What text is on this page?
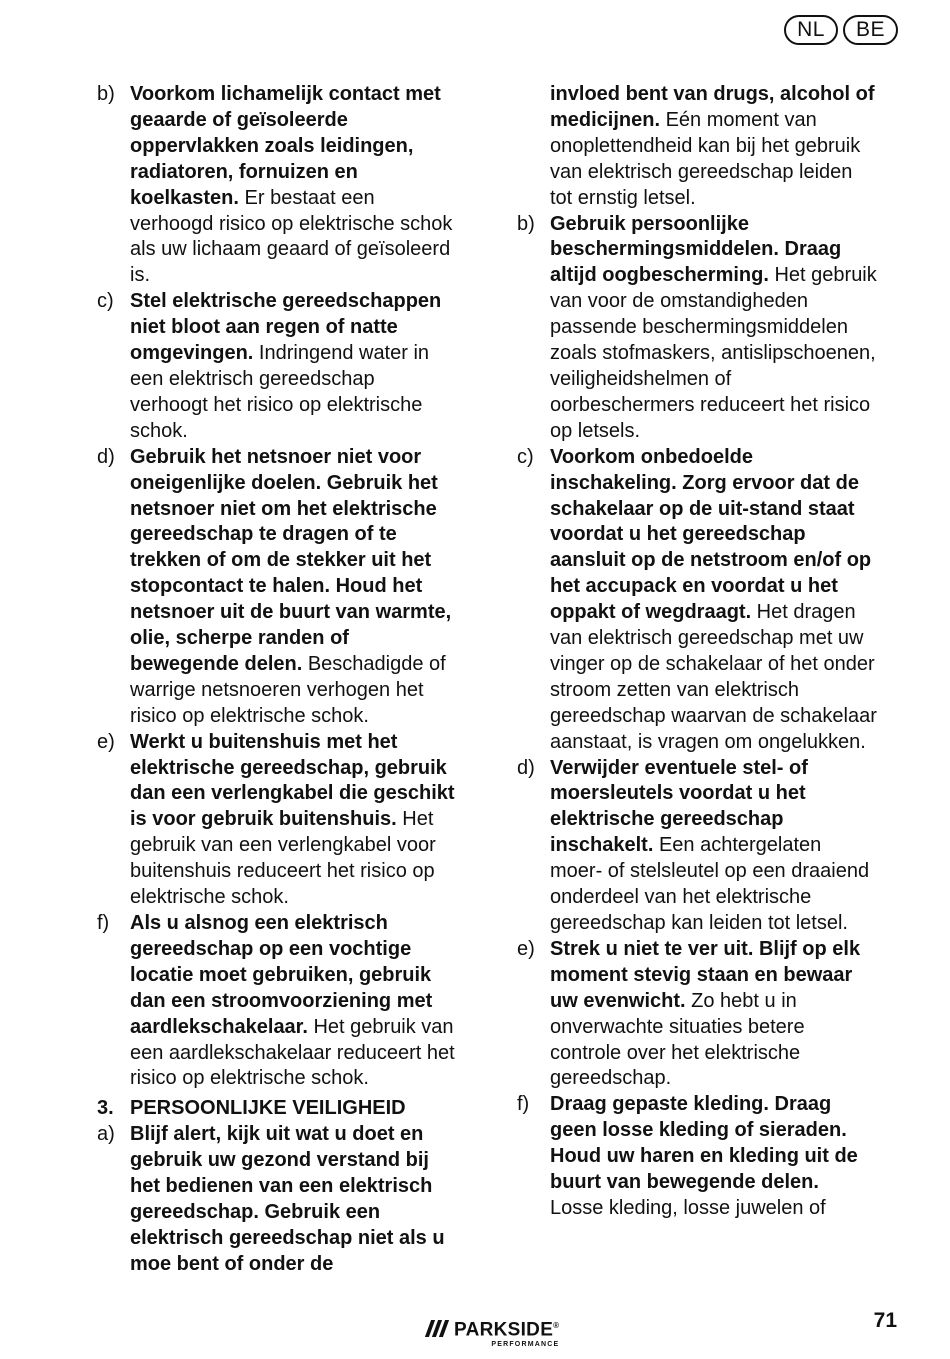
NL	BE
b) Voorkom lichamelijk contact met geaarde of geïsoleerde oppervlakken zoals leidingen, radiatoren, fornuizen en koelkasten. Er bestaat een verhoogd risico op elektrische schok als uw lichaam geaard of geïsoleerd is.
c) Stel elektrische gereedschappen niet bloot aan regen of natte omgevingen. Indringend water in een elektrisch gereedschap verhoogt het risico op elektrische schok.
d) Gebruik het netsnoer niet voor oneigenlijke doelen. Gebruik het netsnoer niet om het elektrische gereedschap te dragen of te trekken of om de stekker uit het stopcontact te halen. Houd het netsnoer uit de buurt van warmte, olie, scherpe randen of bewegende delen. Beschadigde of warrige netsnoeren verhogen het risico op elektrische schok.
e) Werkt u buitenshuis met het elektrische gereedschap, gebruik dan een verlengkabel die geschikt is voor gebruik buitenshuis. Het gebruik van een verlengkabel voor buitenshuis reduceert het risico op elektrische schok.
f)	Als u alsnog een elektrisch gereedschap op een vochtige locatie moet gebruiken, gebruik dan een stroomvoorziening met aardlekschakelaar. Het gebruik van een aardlekschakelaar reduceert het risico op elektrische schok.
3. PERSOONLIJKE VEILIGHEID
a) Blijf alert, kijk uit wat u doet en gebruik uw gezond verstand bij het bedienen van een elektrisch gereedschap. Gebruik een elektrisch gereedschap niet als u moe bent of onder de
invloed bent van drugs, alcohol of medicijnen. Eén moment van onoplettendheid kan bij het gebruik van elektrisch gereedschap leiden tot ernstig letsel.
b) Gebruik persoonlijke beschermingsmiddelen. Draag altijd oogbescherming. Het gebruik van voor de omstandigheden passende beschermingsmiddelen zoals stofmaskers, antislipschoenen, veiligheidshelmen of oorbeschermers reduceert het risico op letsels.
c) Voorkom onbedoelde inschakeling. Zorg ervoor dat de schakelaar op de uit-stand staat voordat u het gereedschap aansluit op de netstroom en/of op het accupack en voordat u het oppakt of wegdraagt. Het dragen van elektrisch gereedschap met uw vinger op de schakelaar of het onder stroom zetten van elektrisch gereedschap waarvan de schakelaar aanstaat, is vragen om ongelukken.
d) Verwijder eventuele stel- of moersleutels voordat u het elektrische gereedschap inschakelt. Een achtergelaten moer- of stelsleutel op een draaiend onderdeel van het elektrische gereedschap kan leiden tot letsel.
e) Strek u niet te ver uit. Blijf op elk moment stevig staan en bewaar uw evenwicht. Zo hebt u in onverwachte situaties betere controle over het elektrische gereedschap.
f)	Draag gepaste kleding. Draag geen losse kleding of sieraden. Houd uw haren en kleding uit de buurt van bewegende delen. Losse kleding, losse juwelen of
PARKSIDE®
PERFORMANCE
71
